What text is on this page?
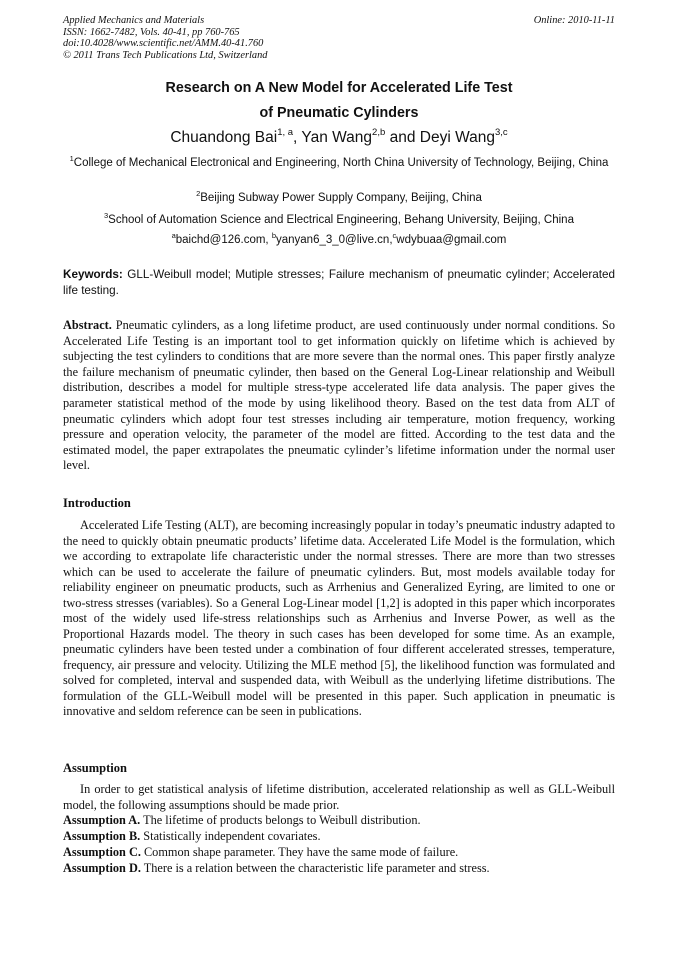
Applied Mechanics and Materials
ISSN: 1662-7482, Vols. 40-41, pp 760-765
doi:10.4028/www.scientific.net/AMM.40-41.760
© 2011 Trans Tech Publications Ltd, Switzerland
Online: 2010-11-11
Research on A New Model for Accelerated Life Test
of Pneumatic Cylinders
Chuandong Bai$^{1, a}$, Yan Wang$^{2,b}$ and Deyi Wang$^{3,c}$
$^1$College of Mechanical Electronical and Engineering, North China University of Technology, Beijing, China
$^2$Beijing Subway Power Supply Company, Beijing, China
$^3$School of Automation Science and Electrical Engineering, Behang University, Beijing, China
$^a$baichd@126.com, $^b$yanyan6_3_0@live.cn,$^c$wdybuaa@gmail.com
Keywords: GLL-Weibull model; Mutiple stresses; Failure mechanism of pneumatic cylinder; Accelerated life testing.
Abstract. Pneumatic cylinders, as a long lifetime product, are used continuously under normal conditions. So Accelerated Life Testing is an important tool to get information quickly on lifetime which is achieved by subjecting the test cylinders to conditions that are more severe than the normal ones. This paper firstly analyze the failure mechanism of pneumatic cylinder, then based on the General Log-Linear relationship and Weibull distribution, describes a model for multiple stress-type accelerated life data analysis. The paper gives the parameter statistical method of the mode by using likelihood theory. Based on the test data from ALT of pneumatic cylinders which adopt four test stresses including air temperature, motion frequency, working pressure and operation velocity, the parameter of the model are fitted. According to the test data and the estimated model, the paper extrapolates the pneumatic cylinder’s lifetime information under the normal user level.
Introduction
Accelerated Life Testing (ALT), are becoming increasingly popular in today’s pneumatic industry adapted to the need to quickly obtain pneumatic products’ lifetime data. Accelerated Life Model is the formulation, which we according to extrapolate life characteristic under the normal stresses. There are more than two stresses which can be used to accelerate the failure of pneumatic cylinders. But, most models available today for reliability engineer on pneumatic products, such as Arrhenius and Generalized Eyring, are limited to one or two-stress stresses (variables). So a General Log-Linear model [1,2] is adopted in this paper which incorporates most of the widely used life-stress relationships such as Arrhenius and Inverse Power, as well as the Proportional Hazards model. The theory in such cases has been developed for some time. As an example, pneumatic cylinders have been tested under a combination of four different accelerated stresses, temperature, frequency, air pressure and velocity. Utilizing the MLE method [5], the likelihood function was formulated and solved for completed, interval and suspended data, with Weibull as the underlying lifetime distributions. The formulation of the GLL-Weibull model will be presented in this paper. Such application in pneumatic is innovative and seldom reference can be seen in publications.
Assumption
In order to get statistical analysis of lifetime distribution, accelerated relationship as well as GLL-Weibull model, the following assumptions should be made prior.
Assumption A. The lifetime of products belongs to Weibull distribution.
Assumption B. Statistically independent covariates.
Assumption C. Common shape parameter. They have the same mode of failure.
Assumption D. There is a relation between the characteristic life parameter and stress.
